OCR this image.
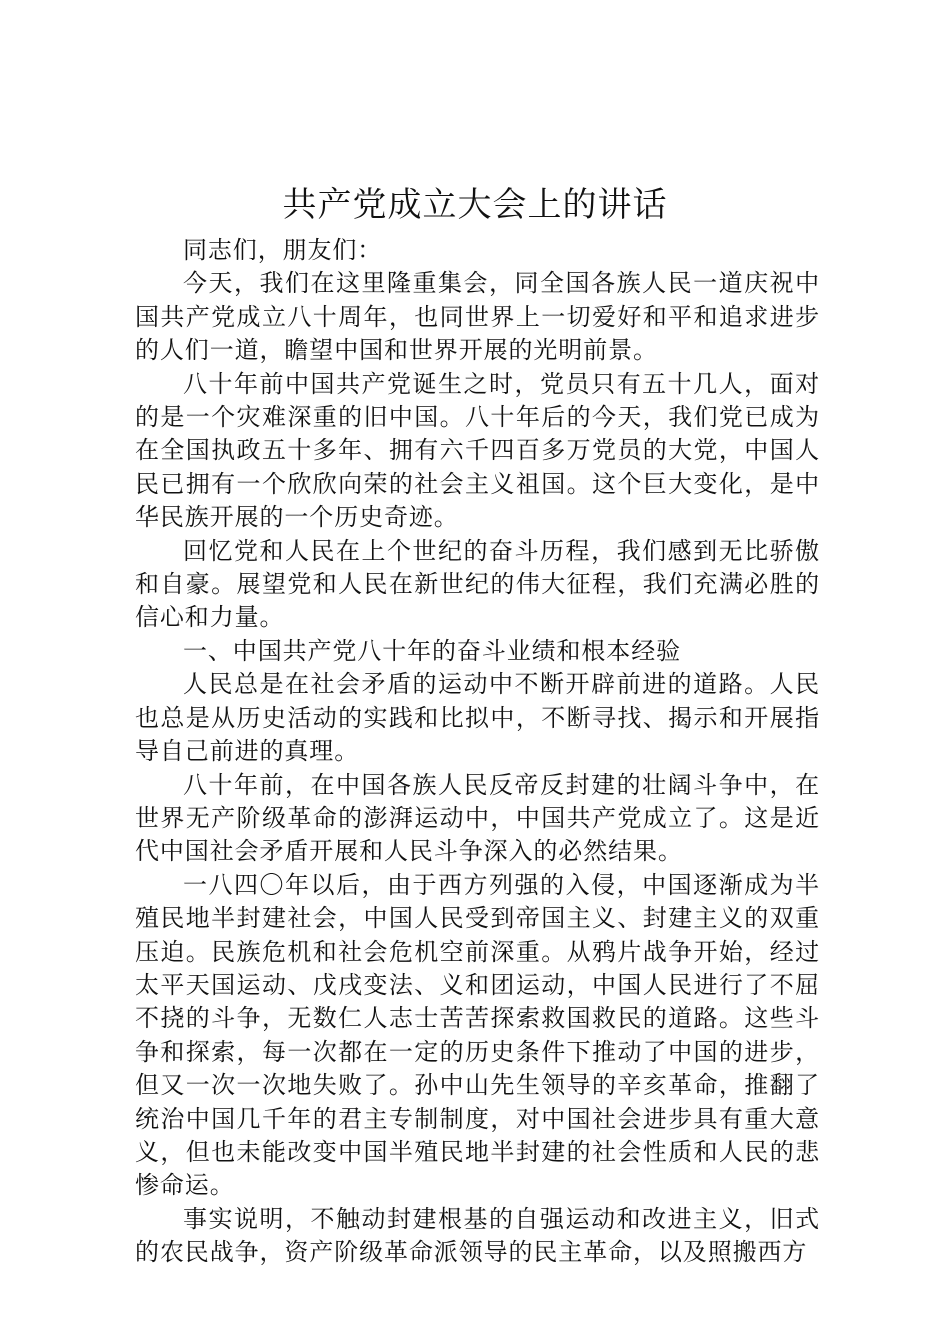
共产党成立大会上的讲话

同志们，朋友们：

今天，我们在这里隆重集会，同全国各族人民一道庆祝中国共产党成立八十周年，也同世界上一切爱好和平和追求进步的人们一道，瞻望中国和世界开展的光明前景。

八十年前中国共产党诞生之时，党员只有五十几人，面对的是一个灾难深重的旧中国。八十年后的今天，我们党已成为在全国执政五十多年、拥有六千四百多万党员的大党，中国人民已拥有一个欣欣向荣的社会主义祖国。这个巨大变化，是中华民族开展的一个历史奇迹。

回忆党和人民在上个世纪的奋斗历程，我们感到无比骄傲和自豪。展望党和人民在新世纪的伟大征程，我们充满必胜的信心和力量。

一、中国共产党八十年的奋斗业绩和根本经验

人民总是在社会矛盾的运动中不断开辟前进的道路。人民也总是从历史活动的实践和比拟中，不断寻找、揭示和开展指导自己前进的真理。

八十年前，在中国各族人民反帝反封建的壮阔斗争中，在世界无产阶级革命的澎湃运动中，中国共产党成立了。这是近代中国社会矛盾开展和人民斗争深入的必然结果。

一八四〇年以后，由于西方列强的入侵，中国逐渐成为半殖民地半封建社会，中国人民受到帝国主义、封建主义的双重压迫。民族危机和社会危机空前深重。从鸦片战争开始，经过太平天国运动、戊戌变法、义和团运动，中国人民进行了不屈不挠的斗争，无数仁人志士苦苦探索救国救民的道路。这些斗争和探索，每一次都在一定的历史条件下推动了中国的进步，但又一次一次地失败了。孙中山先生领导的辛亥革命，推翻了统治中国几千年的君主专制制度，对中国社会进步具有重大意义，但也未能改变中国半殖民地半封建的社会性质和人民的悲惨命运。

事实说明，不触动封建根基的自强运动和改进主义，旧式的农民战争，资产阶级革命派领导的民主革命，以及照搬西方
